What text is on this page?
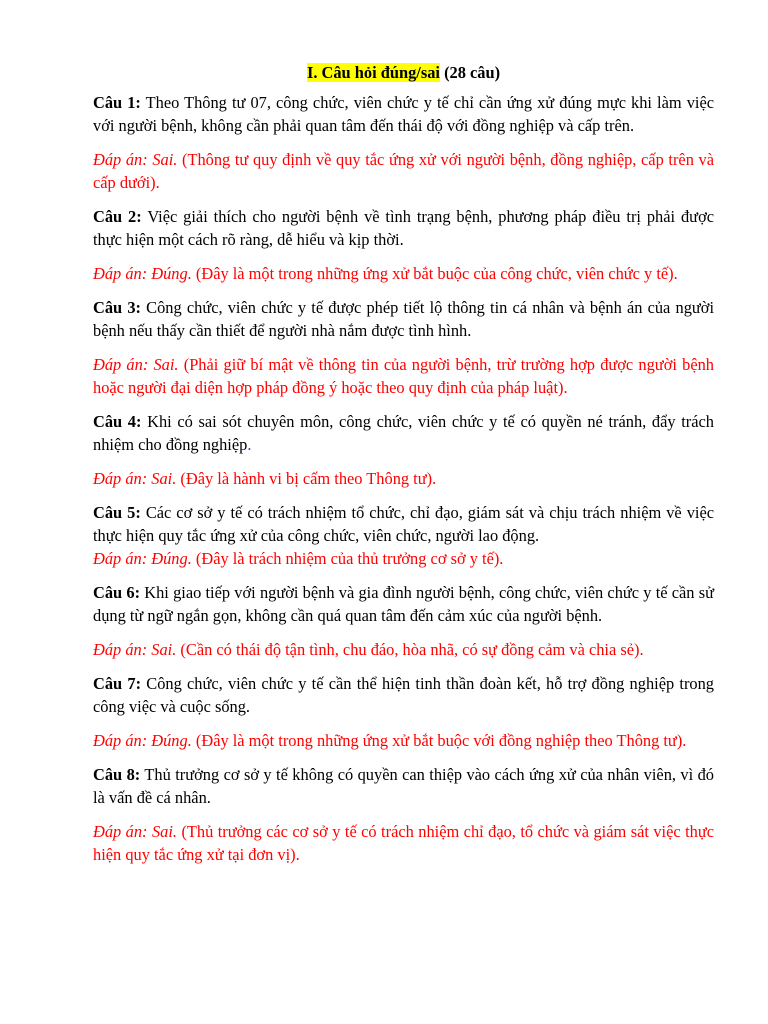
I. Câu hỏi đúng/sai (28 câu)

Câu 1: Theo Thông tư 07, công chức, viên chức y tế chỉ cần ứng xử đúng mực khi làm việc với người bệnh, không cần phải quan tâm đến thái độ với đồng nghiệp và cấp trên.

Đáp án: Sai. (Thông tư quy định về quy tắc ứng xử với người bệnh, đồng nghiệp, cấp trên và cấp dưới).

Câu 2: Việc giải thích cho người bệnh về tình trạng bệnh, phương pháp điều trị phải được thực hiện một cách rõ ràng, dễ hiểu và kịp thời.

Đáp án: Đúng. (Đây là một trong những ứng xử bắt buộc của công chức, viên chức y tế).

Câu 3: Công chức, viên chức y tế được phép tiết lộ thông tin cá nhân và bệnh án của người bệnh nếu thấy cần thiết để người nhà nắm được tình hình.

Đáp án: Sai. (Phải giữ bí mật về thông tin của người bệnh, trừ trường hợp được người bệnh hoặc người đại diện hợp pháp đồng ý hoặc theo quy định của pháp luật).

Câu 4: Khi có sai sót chuyên môn, công chức, viên chức y tế có quyền né tránh, đẩy trách nhiệm cho đồng nghiệp.

Đáp án: Sai. (Đây là hành vi bị cấm theo Thông tư).

Câu 5: Các cơ sở y tế có trách nhiệm tổ chức, chỉ đạo, giám sát và chịu trách nhiệm về việc thực hiện quy tắc ứng xử của công chức, viên chức, người lao động.

Đáp án: Đúng. (Đây là trách nhiệm của thủ trưởng cơ sở y tế).

Câu 6: Khi giao tiếp với người bệnh và gia đình người bệnh, công chức, viên chức y tế cần sử dụng từ ngữ ngắn gọn, không cần quá quan tâm đến cảm xúc của người bệnh.

Đáp án: Sai. (Cần có thái độ tận tình, chu đáo, hòa nhã, có sự đồng cảm và chia sẻ).

Câu 7: Công chức, viên chức y tế cần thể hiện tinh thần đoàn kết, hỗ trợ đồng nghiệp trong công việc và cuộc sống.

Đáp án: Đúng. (Đây là một trong những ứng xử bắt buộc với đồng nghiệp theo Thông tư).

Câu 8: Thủ trưởng cơ sở y tế không có quyền can thiệp vào cách ứng xử của nhân viên, vì đó là vấn đề cá nhân.

Đáp án: Sai. (Thủ trưởng các cơ sở y tế có trách nhiệm chỉ đạo, tổ chức và giám sát việc thực hiện quy tắc ứng xử tại đơn vị).
